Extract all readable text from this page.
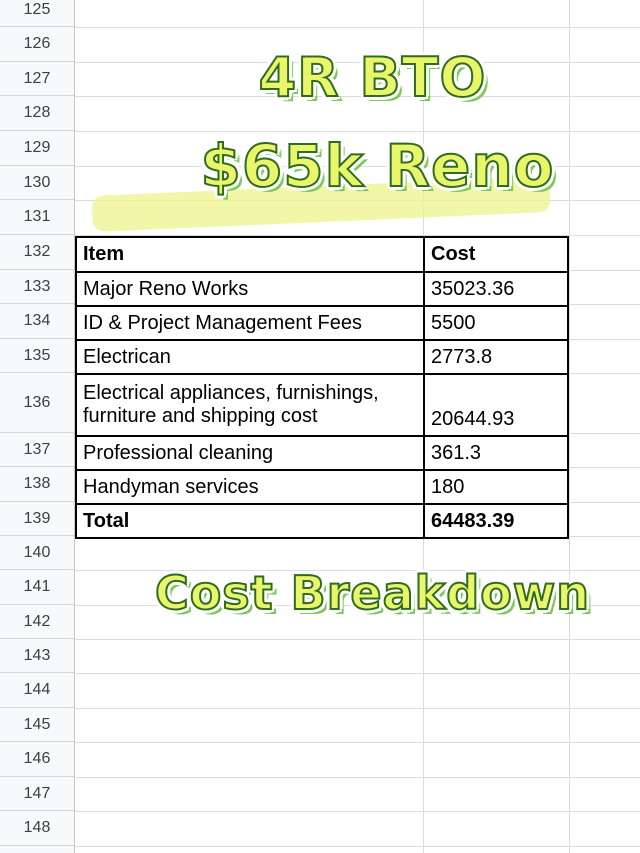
125
126
127
128
129
130
131
132
133
134
135
136
137
138
139
140
141
142
143
144
145
146
147
148
4R BTO
$65k Reno
Item	Cost
Major Reno Works	35023.36
ID & Project Management Fees	5500
Electrican	2773.8
Electrical appliances, furnishings, furniture and shipping cost	20644.93
Professional cleaning	361.3
Handyman services	180
Total	64483.39
Cost Breakdown
